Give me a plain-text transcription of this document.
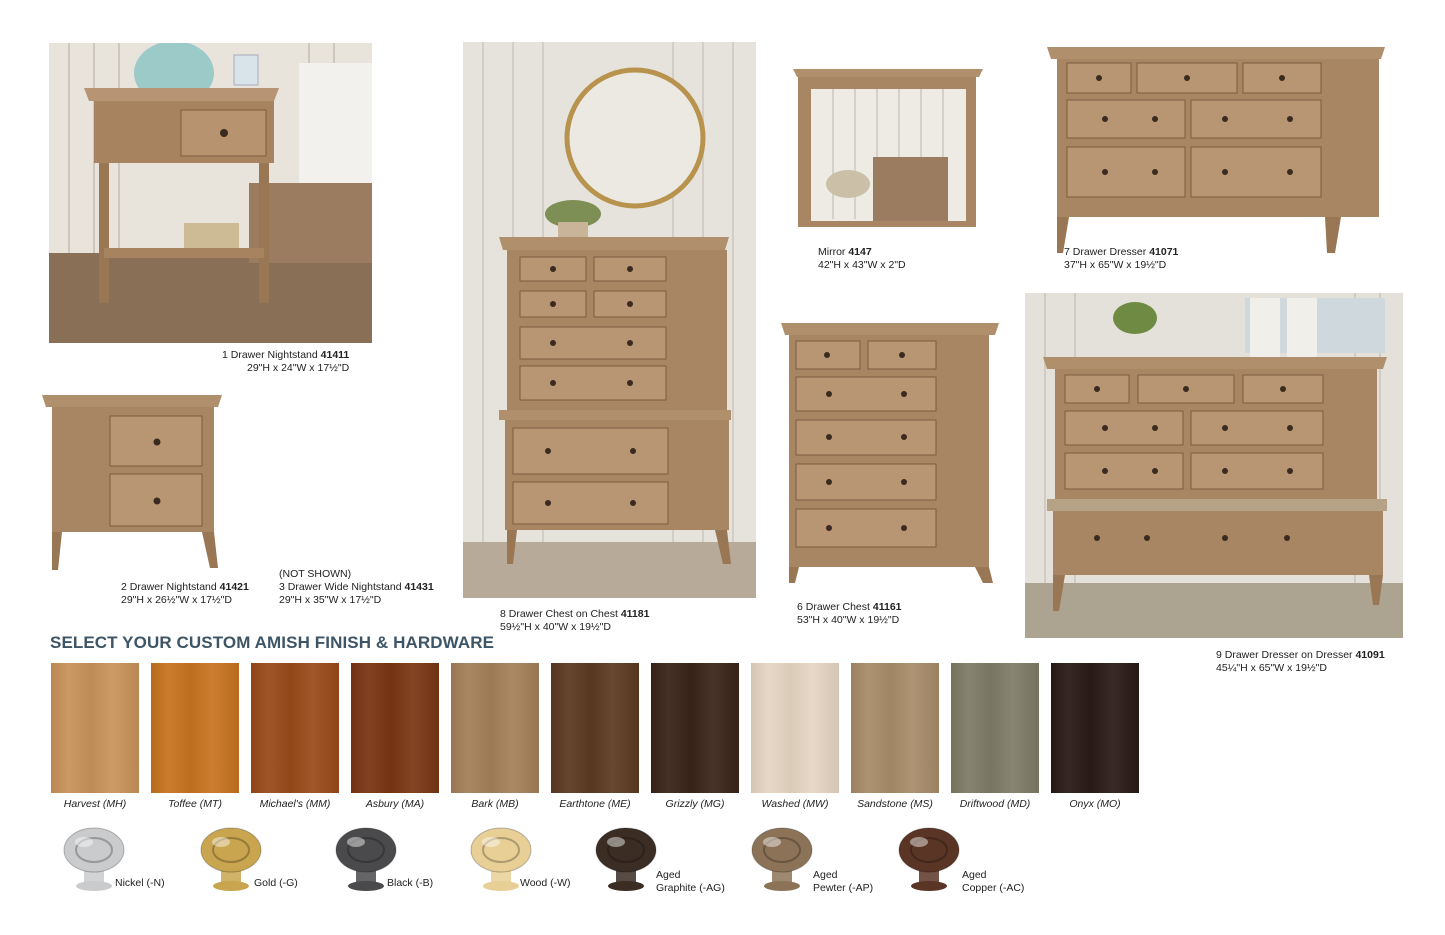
1 Drawer Nightstand 41411
29"H x 24"W x 17½"D
2 Drawer Nightstand 41421
29"H x 26½"W x 17½"D
(NOT SHOWN)
3 Drawer Wide Nightstand 41431
29"H x 35"W x 17½"D
8 Drawer Chest on Chest 41181
59½"H x 40"W x 19½"D
Mirror 4147
42"H x 43"W x 2"D
6 Drawer Chest 41161
53"H x 40"W x 19½"D
7 Drawer Dresser 41071
37"H x 65"W x 19½"D
9 Drawer Dresser on Dresser 41091
45¼"H x 65"W x 19½"D
SELECT YOUR CUSTOM AMISH FINISH & HARDWARE
Harvest (MH)	Toffee (MT)	Michael's (MM)	Asbury (MA)	Bark (MB)	Earthtone (ME)	Grizzly (MG)	Washed (MW)	Sandstone (MS)	Driftwood (MD)	Onyx (MO)
Nickel (-N)	Gold (-G)	Black (-B)	Wood (-W)
Aged
Graphite (-AG)
Aged
Pewter (-AP)
Aged
Copper (-AC)
